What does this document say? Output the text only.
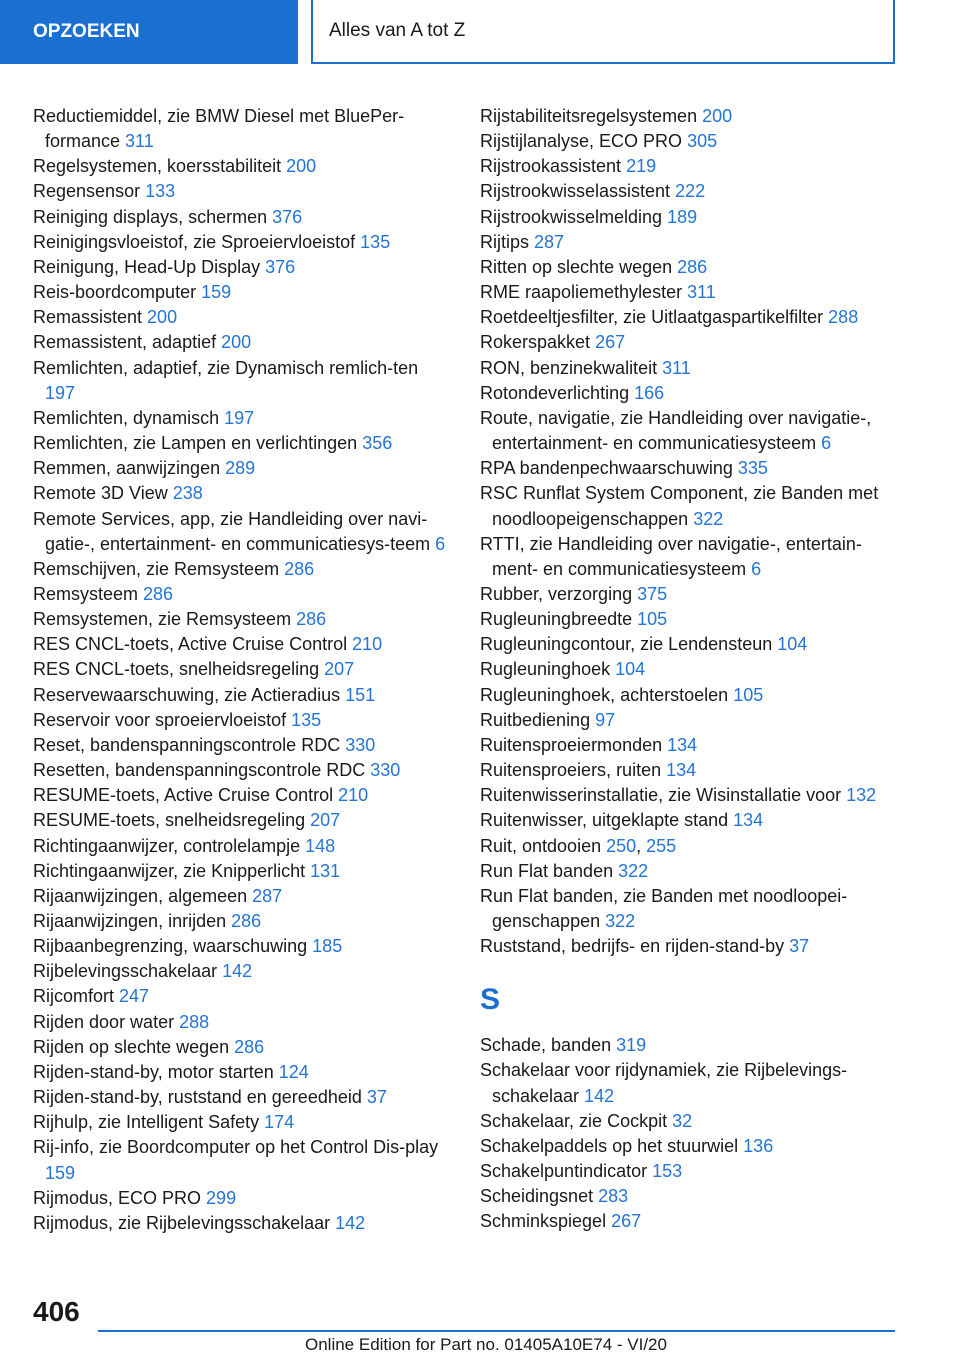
OPZOEKEN	Alles van A tot Z
Reductiemiddel, zie BMW Diesel met BluePer-formance 311
Regelsystemen, koersstabiliteit 200
Regensensor 133
Reiniging displays, schermen 376
Reinigingsvloeistof, zie Sproeiervloeistof 135
Reinigung, Head-Up Display 376
Reis-boordcomputer 159
Remassistent 200
Remassistent, adaptief 200
Remlichten, adaptief, zie Dynamisch remlich-ten 197
Remlichten, dynamisch 197
Remlichten, zie Lampen en verlichtingen 356
Remmen, aanwijzingen 289
Remote 3D View 238
Remote Services, app, zie Handleiding over navi-gatie-, entertainment- en communicatiesys-teem 6
Remschijven, zie Remsysteem 286
Remsysteem 286
Remsystemen, zie Remsysteem 286
RES CNCL-toets, Active Cruise Control 210
RES CNCL-toets, snelheidsregeling 207
Reservewaarschuwing, zie Actieradius 151
Reservoir voor sproeiervloeistof 135
Reset, bandenspanningscontrole RDC 330
Resetten, bandenspanningscontrole RDC 330
RESUME-toets, Active Cruise Control 210
RESUME-toets, snelheidsregeling 207
Richtingaanwijzer, controlelampje 148
Richtingaanwijzer, zie Knipperlicht 131
Rijaanwijzingen, algemeen 287
Rijaanwijzingen, inrijden 286
Rijbaanbegrenzing, waarschuwing 185
Rijbelevingsschakelaar 142
Rijcomfort 247
Rijden door water 288
Rijden op slechte wegen 286
Rijden-stand-by, motor starten 124
Rijden-stand-by, ruststand en gereedheid 37
Rijhulp, zie Intelligent Safety 174
Rij-info, zie Boordcomputer op het Control Dis-play 159
Rijmodus, ECO PRO 299
Rijmodus, zie Rijbelevingsschakelaar 142
Rijstabiliteitsregelsystemen 200
Rijstijlanalyse, ECO PRO 305
Rijstrookassistent 219
Rijstrookwisselassistent 222
Rijstrookwisselmelding 189
Rijtips 287
Ritten op slechte wegen 286
RME raapoliemethylester 311
Roetdeeltjesfilter, zie Uitlaatgaspartikelfilter 288
Rokerspakket 267
RON, benzinekwaliteit 311
Rotondeverlichting 166
Route, navigatie, zie Handleiding over navigatie-, entertainment- en communicatiesysteem 6
RPA bandenpechwaarschuwing 335
RSC Runflat System Component, zie Banden met noodloopeigenschappen 322
RTTI, zie Handleiding over navigatie-, entertain-ment- en communicatiesysteem 6
Rubber, verzorging 375
Rugleuningbreedte 105
Rugleuningcontour, zie Lendensteun 104
Rugleuninghoek 104
Rugleuninghoek, achterstoelen 105
Ruitbediening 97
Ruitensproeiermonden 134
Ruitensproeiers, ruiten 134
Ruitenwisserinstallatie, zie Wisinstallatie voor 132
Ruitenwisser, uitgeklapte stand 134
Ruit, ontdooien 250, 255
Run Flat banden 322
Run Flat banden, zie Banden met noodloopei-genschappen 322
Ruststand, bedrijfs- en rijden-stand-by 37
S
Schade, banden 319
Schakelaar voor rijdynamiek, zie Rijbelevings-schakelaar 142
Schakelaar, zie Cockpit 32
Schakelpaddels op het stuurwiel 136
Schakelpuntindicator 153
Scheidingsnet 283
Schminkspiegel 267
406
Online Edition for Part no. 01405A10E74 - VI/20
